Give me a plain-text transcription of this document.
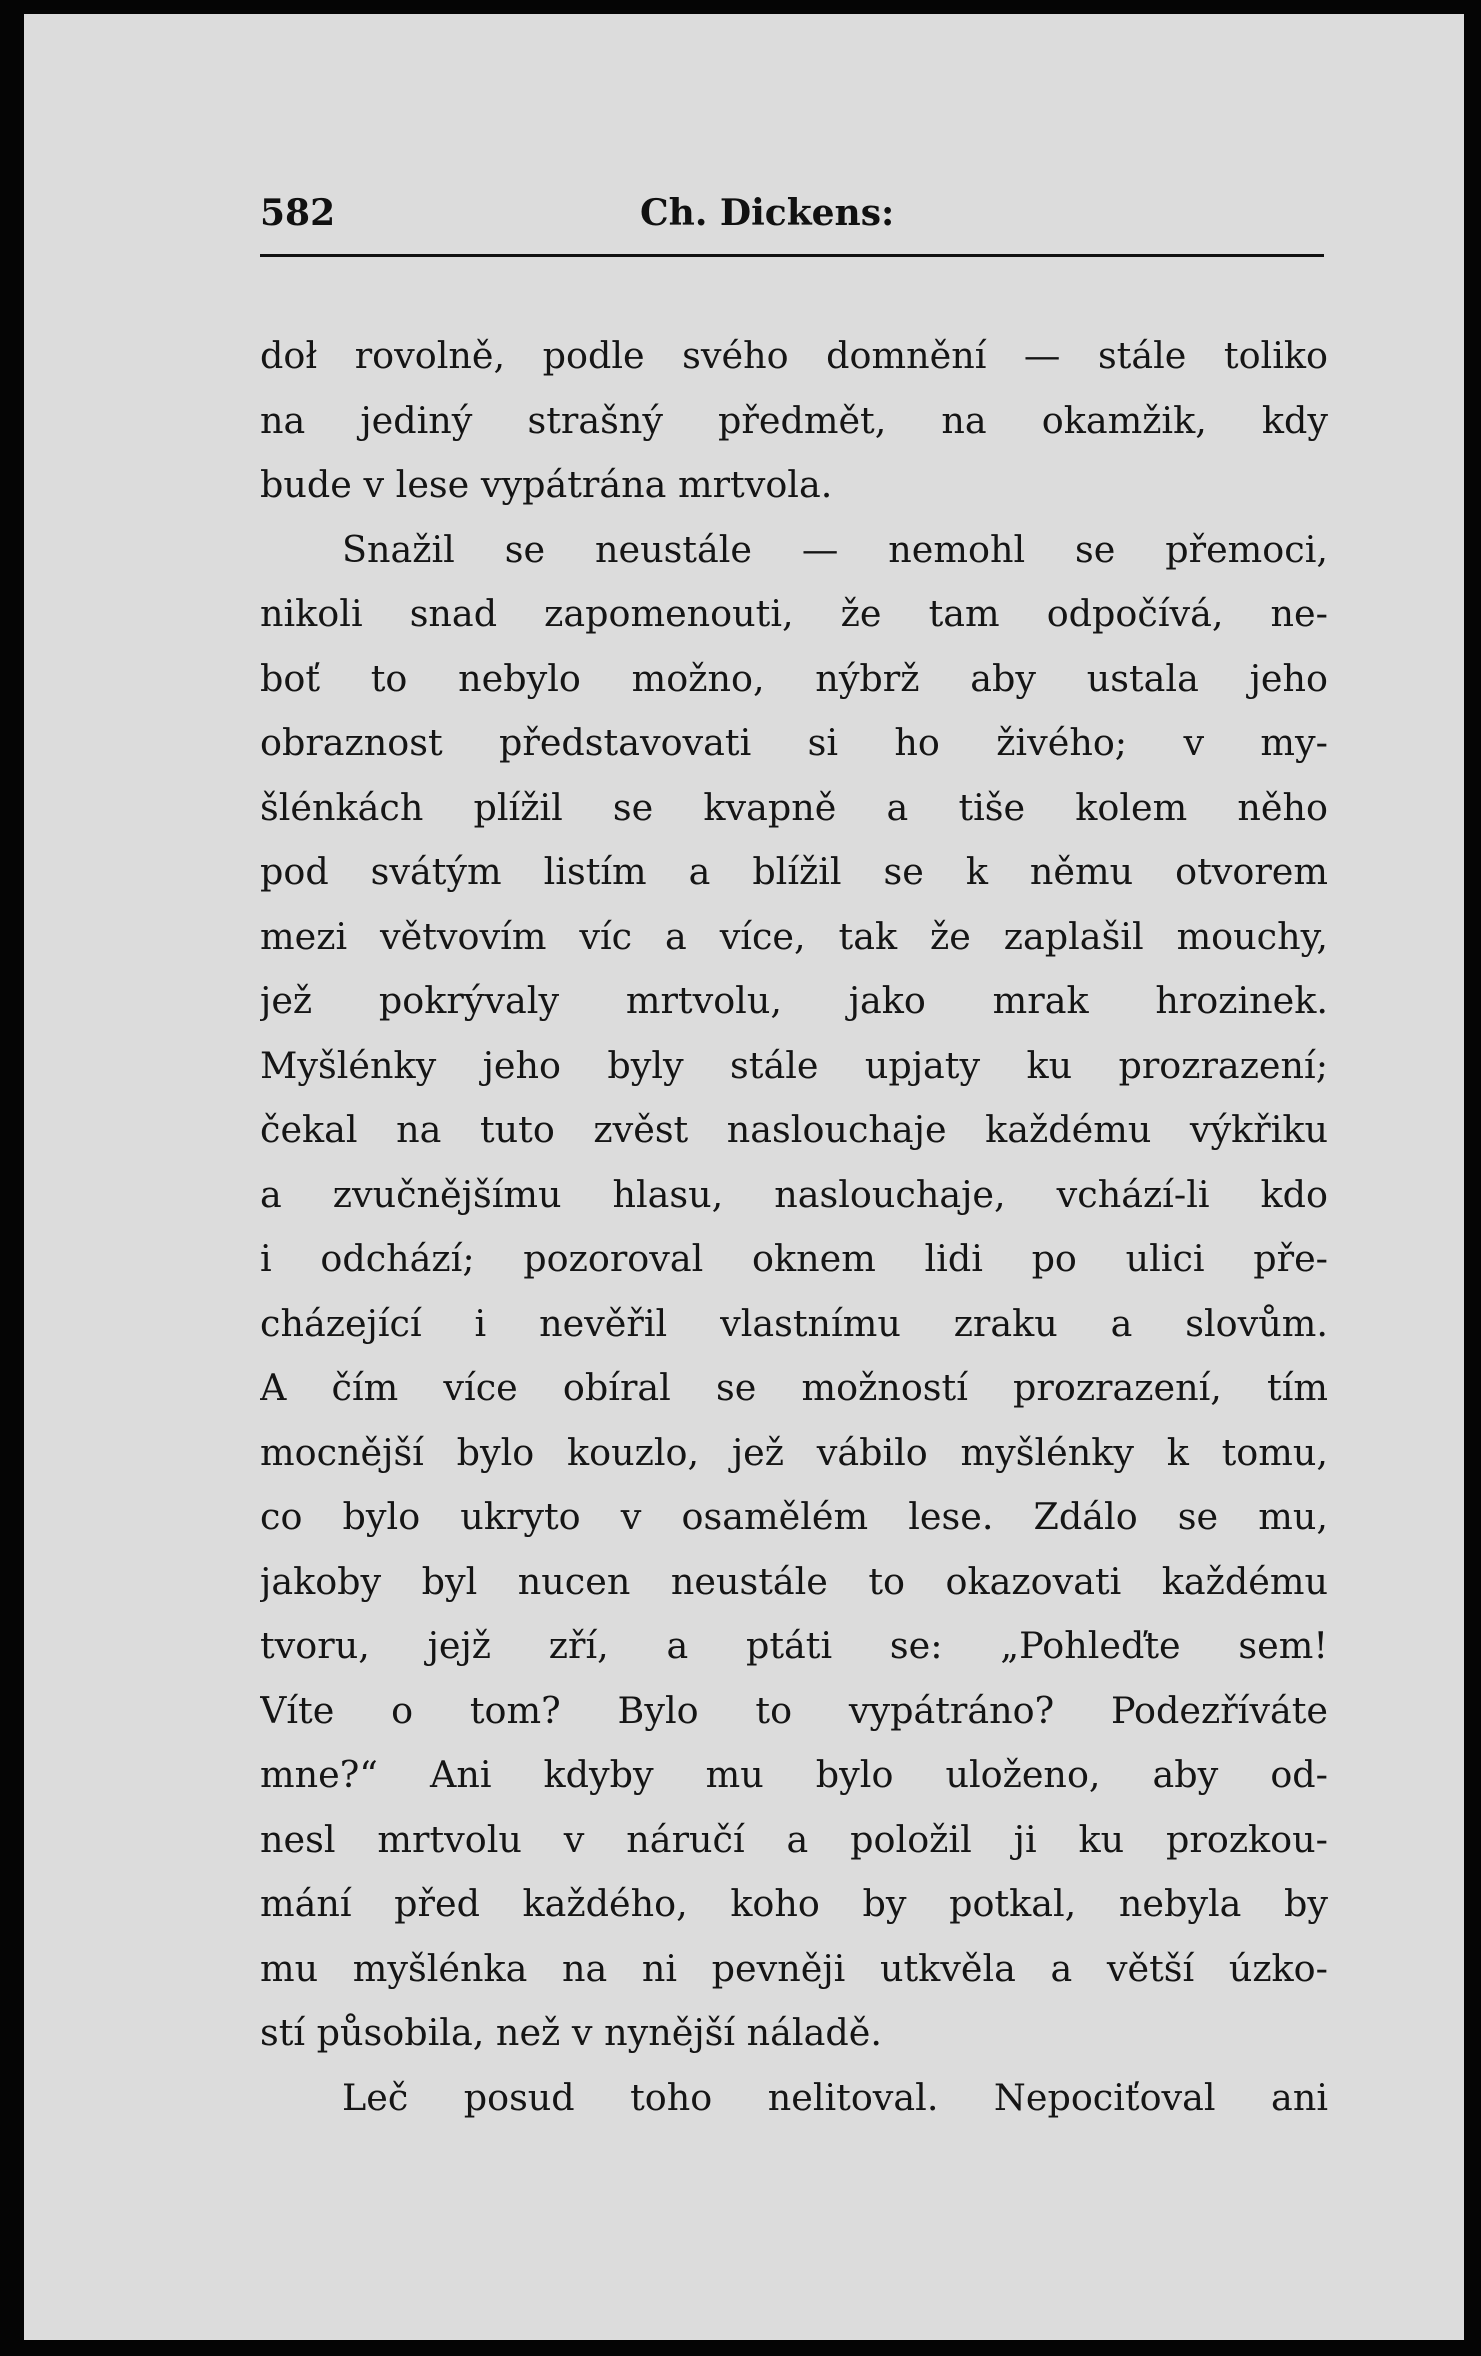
582	Ch. Dickens:
doł rovolně, podle svého domnění — stále toliko
na jediný strašný předmět, na okamžik, kdy
bude v lese vypátrána mrtvola.
Snažil se neustále — nemohl se přemoci,
nikoli snad zapomenouti, že tam odpočívá, ne-
boť to nebylo možno, nýbrž aby ustala jeho
obraznost představovati si ho živého; v my-
šlénkách plížil se kvapně a tiše kolem něho
pod svátým listím a blížil se k němu otvorem
mezi větvovím víc a více, tak že zaplašil mouchy,
jež pokrývaly mrtvolu, jako mrak hrozinek.
Myšlénky jeho byly stále upjaty ku prozrazení;
čekal na tuto zvěst naslouchaje každému výkřiku
a zvučnějšímu hlasu, naslouchaje, vchází-li kdo
i odchází; pozoroval oknem lidi po ulici pře-
cházející i nevěřil vlastnímu zraku a slovům.
A čím více obíral se možností prozrazení, tím
mocnější bylo kouzlo, jež vábilo myšlénky k tomu,
co bylo ukryto v osamělém lese. Zdálo se mu,
jakoby byl nucen neustále to okazovati každému
tvoru, jejž zří, a ptáti se: „Pohleďte sem!
Víte o tom? Bylo to vypátráno? Podezříváte
mne?“ Ani kdyby mu bylo uloženo, aby od-
nesl mrtvolu v náručí a položil ji ku prozkou-
mání před každého, koho by potkal, nebyla by
mu myšlénka na ni pevněji utkvěla a větší úzko-
stí působila, než v nynější náladě.
Leč posud toho nelitoval. Nepociťoval ani
